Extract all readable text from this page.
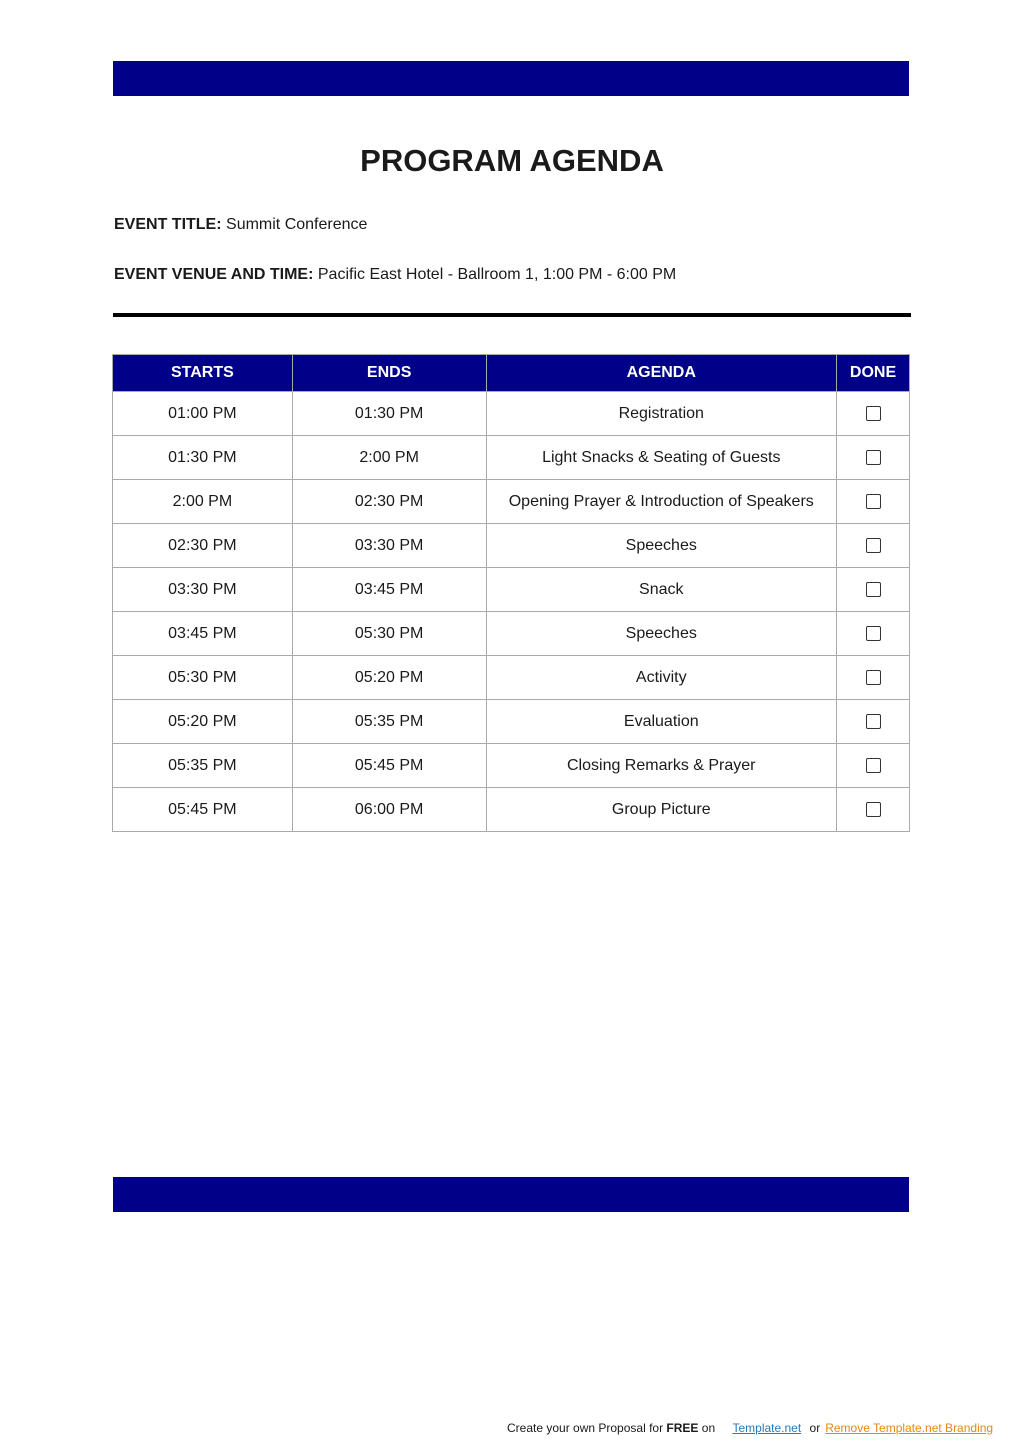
PROGRAM AGENDA
EVENT TITLE: Summit Conference
EVENT VENUE AND TIME: Pacific East Hotel - Ballroom 1, 1:00 PM - 6:00 PM
STARTS	ENDS	AGENDA	DONE
01:00 PM	01:30 PM	Registration	
01:30 PM	2:00 PM	Light Snacks & Seating of Guests	
2:00 PM	02:30 PM	Opening Prayer & Introduction of Speakers	
02:30 PM	03:30 PM	Speeches	
03:30 PM	03:45 PM	Snack	
03:45 PM	05:30 PM	Speeches	
05:30 PM	05:20 PM	Activity	
05:20 PM	05:35 PM	Evaluation	
05:35 PM	05:45 PM	Closing Remarks & Prayer	
05:45 PM	06:00 PM	Group Picture	
Create your own Proposal for FREE on Template.net or Remove Template.net Branding
